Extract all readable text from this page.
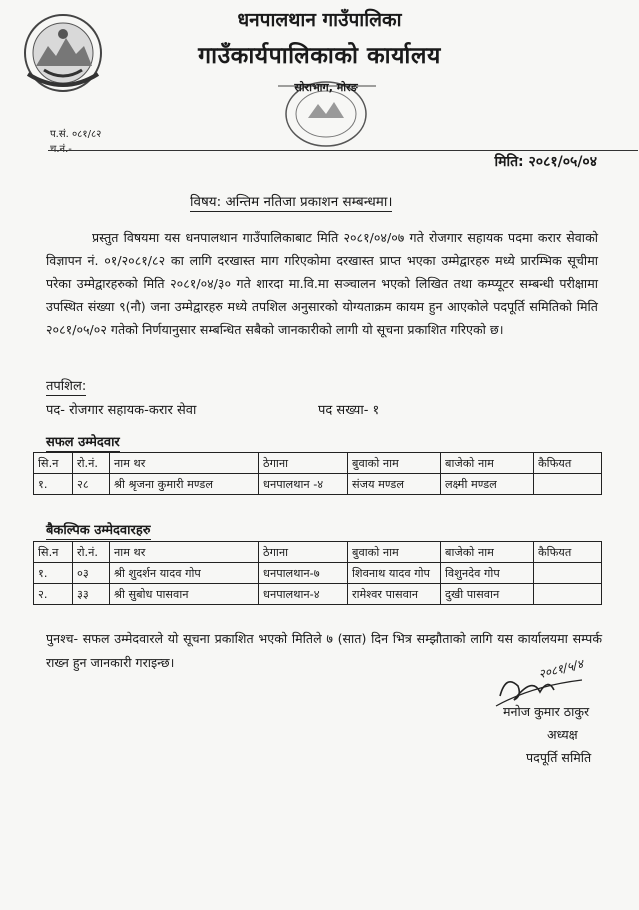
धनपालथान गाउँपालिका
गाउँकार्यपालिकाको कार्यालय
सोराभाग, मोरङ
प.सं. ०८१/८२
मिति: २०८१/०५/०४
विषय: अन्तिम नतिजा प्रकाशन सम्बन्धमा।
प्रस्तुत विषयमा यस धनपालथान गाउँपालिकाबाट मिति २०८१/०४/०७ गते रोजगार सहायक पदमा करार सेवाको विज्ञापन नं. ०१/२०८१/८२ का लागि दरखास्त माग गरिएकोमा दरखास्त प्राप्त भएका उम्मेद्वारहरु मध्ये प्रारम्भिक सूचीमा परेका उम्मेद्वारहरुको मिति २०८१/०४/३० गते शारदा मा.वि.मा सञ्चालन भएको लिखित तथा कम्प्यूटर सम्बन्धी परीक्षामा उपस्थित संख्या ९(नौ) जना उम्मेद्वारहरु मध्ये तपशिल अनुसारको योग्यताक्रम कायम हुन आएकोले पदपूर्ति समितिको मिति २०८१/०५/०२ गतेको निर्णयानुसार सम्बन्धित सबैको जानकारीको लागी यो सूचना प्रकाशित गरिएको छ।
तपशिल:
पद- रोजगार सहायक-करार सेवा	पद सख्या- १
सफल उम्मेदवार
सि.न	रो.नं.	नाम थर	ठेगाना	बुवाको नाम	बाजेको नाम	कैफियत
१.	२८	श्री श्रृजना कुमारी मण्डल	धनपालथान -४	संजय मण्डल	लक्ष्मी मण्डल	
बैकल्पिक उम्मेदवारहरु
सि.न	रो.नं.	नाम थर	ठेगाना	बुवाको नाम	बाजेको नाम	कैफियत
१.	०३	श्री शुदर्शन यादव गोप	धनपालथान-७	शिवनाथ यादव गोप	विशुनदेव गोप	
२.	३३	श्री सुबोध पासवान	धनपालथान-४	रामेश्वर पासवान	दुखी पासवान	
पुनश्च- सफल उम्मेदवारले यो सूचना प्रकाशित भएको मितिले ७ (सात) दिन भित्र सम्झौताको लागि यस कार्यालयमा सम्पर्क राख्न हुन जानकारी गराइन्छ।	२०८१/५/४
मनोज कुमार ठाकुर
अध्यक्ष
पदपूर्ति समिति
